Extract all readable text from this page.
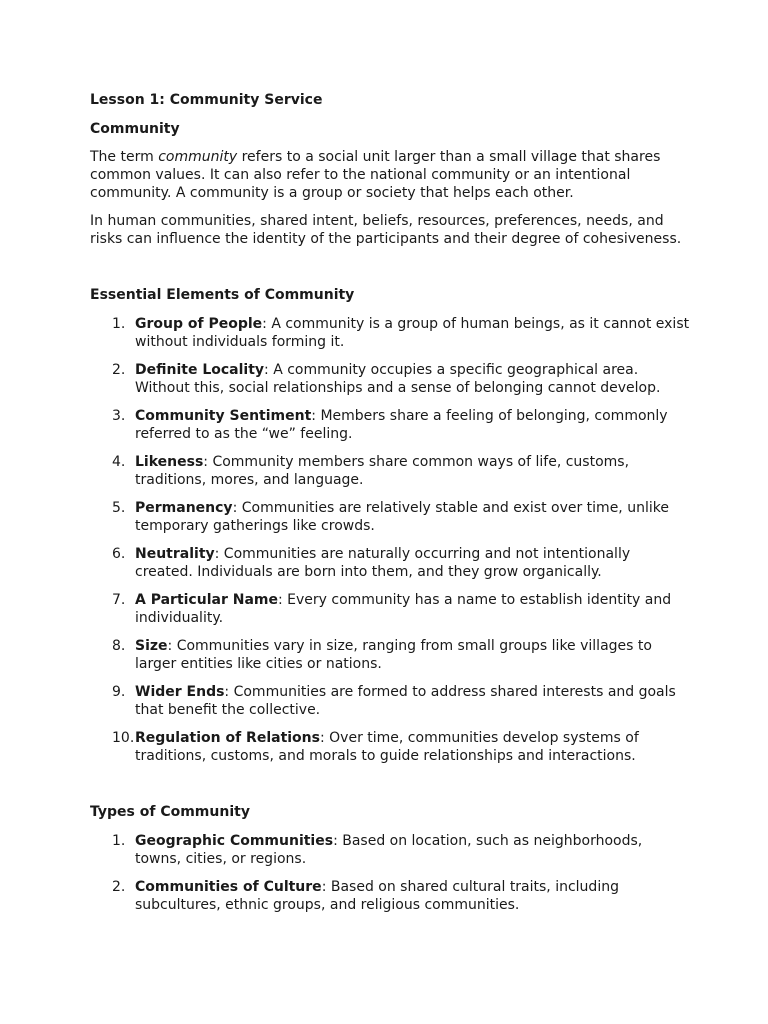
Lesson 1: Community Service
Community

The term community refers to a social unit larger than a small village that shares common values. It can also refer to the national community or an intentional community. A community is a group or society that helps each other.

In human communities, shared intent, beliefs, resources, preferences, needs, and risks can influence the identity of the participants and their degree of cohesiveness.

Essential Elements of Community
1. Group of People: A community is a group of human beings, as it cannot exist without individuals forming it.
2. Definite Locality: A community occupies a specific geographical area. Without this, social relationships and a sense of belonging cannot develop.
3. Community Sentiment: Members share a feeling of belonging, commonly referred to as the “we” feeling.
4. Likeness: Community members share common ways of life, customs, traditions, mores, and language.
5. Permanency: Communities are relatively stable and exist over time, unlike temporary gatherings like crowds.
6. Neutrality: Communities are naturally occurring and not intentionally created. Individuals are born into them, and they grow organically.
7. A Particular Name: Every community has a name to establish identity and individuality.
8. Size: Communities vary in size, ranging from small groups like villages to larger entities like cities or nations.
9. Wider Ends: Communities are formed to address shared interests and goals that benefit the collective.
10. Regulation of Relations: Over time, communities develop systems of traditions, customs, and morals to guide relationships and interactions.
Types of Community
1. Geographic Communities: Based on location, such as neighborhoods, towns, cities, or regions.
2. Communities of Culture: Based on shared cultural traits, including subcultures, ethnic groups, and religious communities.
